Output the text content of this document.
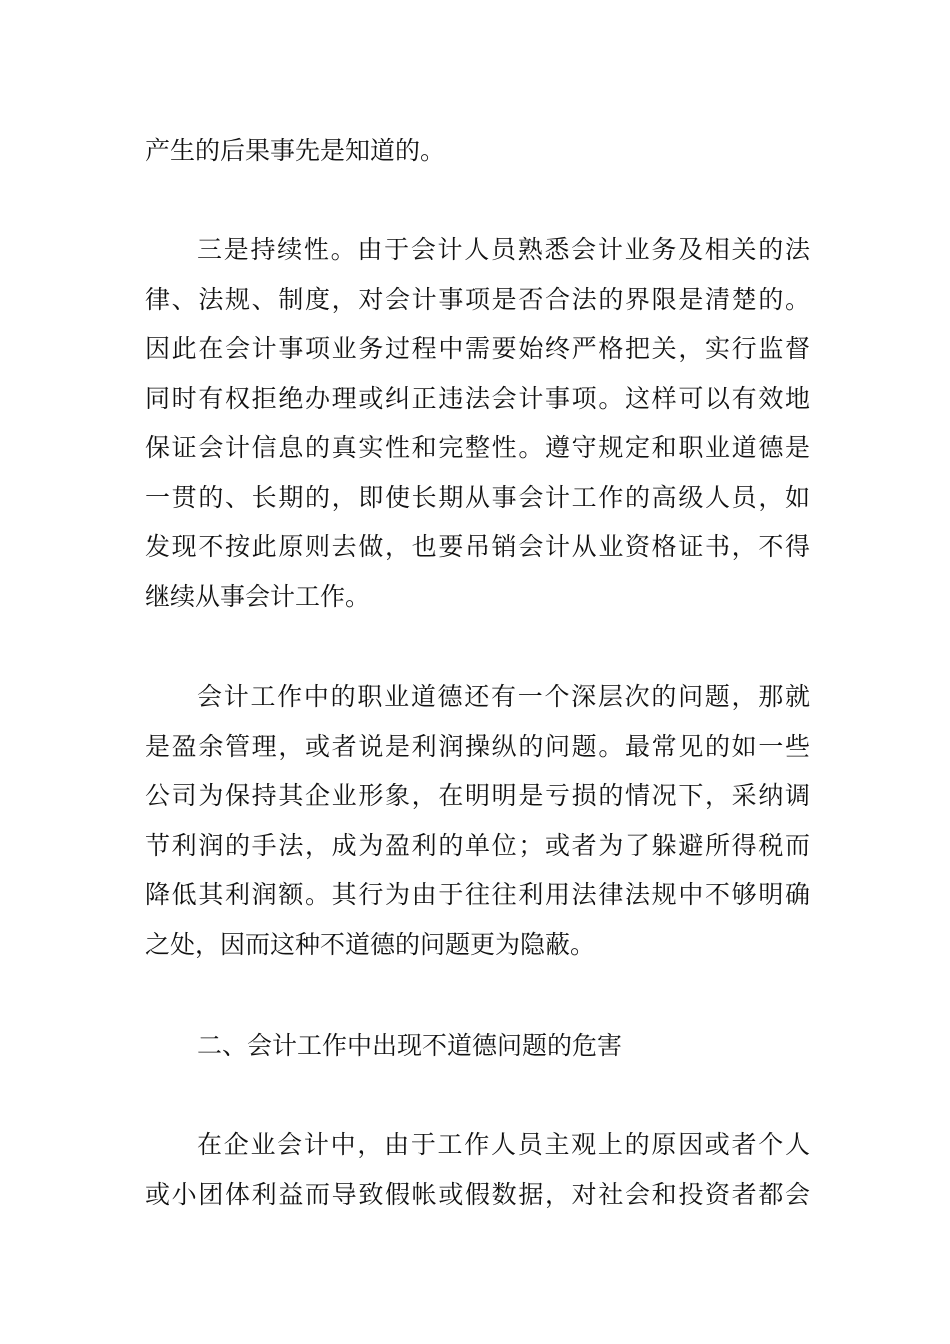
产生的后果事先是知道的。
三是持续性。由于会计人员熟悉会计业务及相关的法
律、法规、制度，对会计事项是否合法的界限是清楚的。
因此在会计事项业务过程中需要始终严格把关，实行监督
同时有权拒绝办理或纠正违法会计事项。这样可以有效地
保证会计信息的真实性和完整性。遵守规定和职业道德是
一贯的、长期的，即使长期从事会计工作的高级人员，如
发现不按此原则去做，也要吊销会计从业资格证书，不得
继续从事会计工作。
会计工作中的职业道德还有一个深层次的问题，那就
是盈余管理，或者说是利润操纵的问题。最常见的如一些
公司为保持其企业形象，在明明是亏损的情况下，采纳调
节利润的手法，成为盈利的单位；或者为了躲避所得税而
降低其利润额。其行为由于往往利用法律法规中不够明确
之处，因而这种不道德的问题更为隐蔽。
二、会计工作中出现不道德问题的危害
在企业会计中，由于工作人员主观上的原因或者个人
或小团体利益而导致假帐或假数据，对社会和投资者都会
